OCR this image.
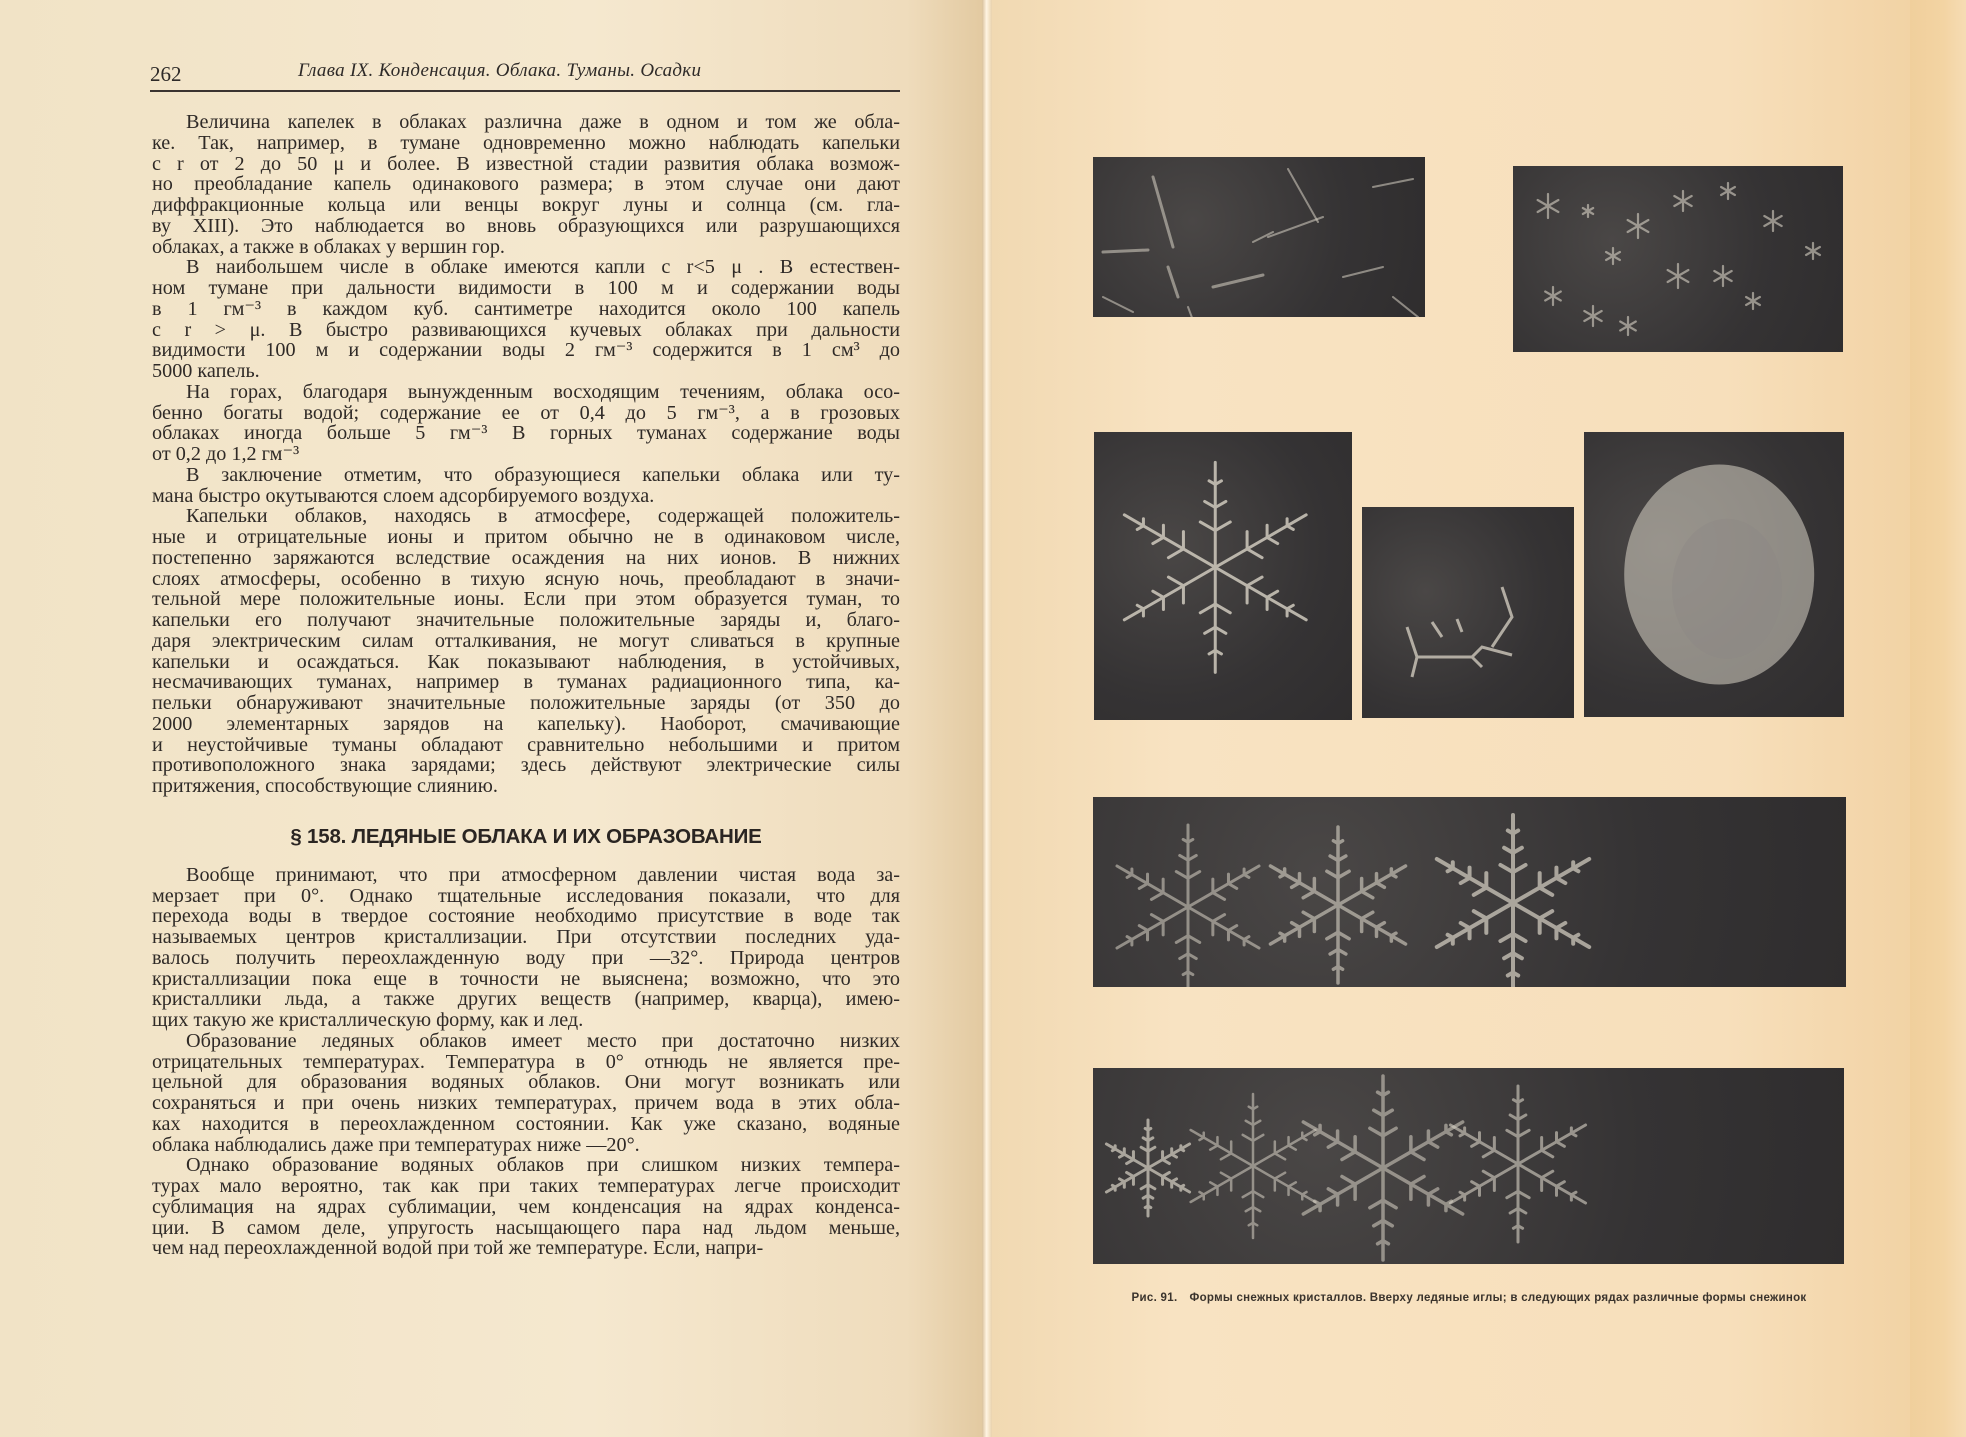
262	Глава IX. Конденсация. Облака. Туманы. Осадки
Величина капелек в облаках различна даже в одном и том же обла-
ке. Так, например, в тумане одновременно можно наблюдать капельки
с r от 2 до 50 μ и более. В известной стадии развития облака возмож-
но преобладание капель одинакового размера; в этом случае они дают
диффракционные кольца или венцы вокруг луны и солнца (см. гла-
ву XIII). Это наблюдается во вновь образующихся или разрушающихся
облаках, а также в облаках у вершин гор.
В наибольшем числе в облаке имеются капли с r<5 μ . В естествен-
ном тумане при дальности видимости в 100 м и содержании воды
в 1 гм⁻³ в каждом куб. сантиметре находится около 100 капель
с r > μ. В быстро развивающихся кучевых облаках при дальности
видимости 100 м и содержании воды 2 гм⁻³ содержится в 1 см³ до
5000 капель.
На горах, благодаря вынужденным восходящим течениям, облака осо-
бенно богаты водой; содержание ее от 0,4 до 5 гм⁻³, а в грозовых
облаках иногда больше 5 гм⁻³ В горных туманах содержание воды
от 0,2 до 1,2 гм⁻³
В заключение отметим, что образующиеся капельки облака или ту-
мана быстро окутываются слоем адсорбируемого воздуха.
Капельки облаков, находясь в атмосфере, содержащей положитель-
ные и отрицательные ионы и притом обычно не в одинаковом числе,
постепенно заряжаются вследствие осаждения на них ионов. В нижних
слоях атмосферы, особенно в тихую ясную ночь, преобладают в значи-
тельной мере положительные ионы. Если при этом образуется туман, то
капельки его получают значительные положительные заряды и, благо-
даря электрическим силам отталкивания, не могут сливаться в крупные
капельки и осаждаться. Как показывают наблюдения, в устойчивых,
несмачивающих туманах, например в туманах радиационного типа, ка-
пельки обнаруживают значительные положительные заряды (от 350 до
2000 элементарных зарядов на капельку). Наоборот, смачивающие
и неустойчивые туманы обладают сравнительно небольшими и притом
противоположного знака зарядами; здесь действуют электрические силы
притяжения, способствующие слиянию.
§ 158. ЛЕДЯНЫЕ ОБЛАКА И ИХ ОБРАЗОВАНИЕ
Вообще принимают, что при атмосферном давлении чистая вода за-
мерзает при 0°. Однако тщательные исследования показали, что для
перехода воды в твердое состояние необходимо присутствие в воде так
называемых центров кристаллизации. При отсутствии последних уда-
валось получить переохлажденную воду при —32°. Природа центров
кристаллизации пока еще в точности не выяснена; возможно, что это
кристаллики льда, а также других веществ (например, кварца), имею-
щих такую же кристаллическую форму, как и лед.
Образование ледяных облаков имеет место при достаточно низких
отрицательных температурах. Температура в 0° отнюдь не является пре-
цельной для образования водяных облаков. Они могут возникать или
сохраняться и при очень низких температурах, причем вода в этих обла-
ках находится в переохлажденном состоянии. Как уже сказано, водяные
облака наблюдались даже при температурах ниже —20°.
Однако образование водяных облаков при слишком низких темпера-
турах мало вероятно, так как при таких температурах легче происходит
сублимация на ядрах сублимации, чем конденсация на ядрах конденса-
ции. В самом деле, упругость насыщающего пара над льдом меньше,
чем над переохлажденной водой при той же температуре. Если, напри-
Рис. 91. Формы снежных кристаллов. Вверху ледяные иглы; в следующих рядах различные формы снежинок
